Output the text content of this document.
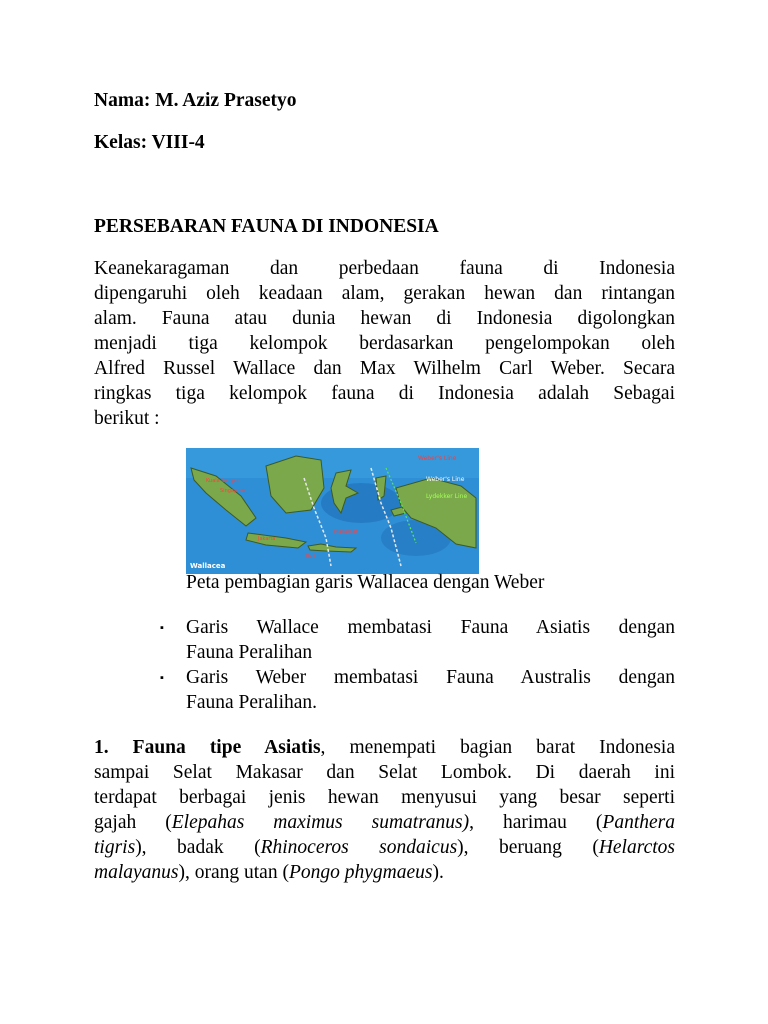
Nama: M. Aziz Prasetyo
Kelas: VIII-4
PERSEBARAN FAUNA DI INDONESIA
Keanekaragaman dan perbedaan fauna di Indonesia
dipengaruhi oleh keadaan alam, gerakan hewan dan rintangan
alam. Fauna atau dunia hewan di Indonesia digolongkan
menjadi tiga kelompok berdasarkan pengelompokan oleh
Alfred Russel Wallace dan Max Wilhelm Carl Weber. Secara
ringkas tiga kelompok fauna di Indonesia adalah Sebagai
berikut :
Weber's Line
Weber's Line
Lydekker Line
Kuala Lumpur
Singapore
Jakarta
Makassar
Bali
Wallacea
Peta pembagian garis Wallacea dengan Weber
▪ Garis Wallace membatasi Fauna Asiatis dengan
Fauna Peralihan
▪ Garis Weber membatasi Fauna Australis dengan
Fauna Peralihan.
1. Fauna tipe Asiatis, menempati bagian barat Indonesia
sampai Selat Makasar dan Selat Lombok. Di daerah ini
terdapat berbagai jenis hewan menyusui yang besar seperti
gajah (Elepahas maximus sumatranus), harimau (Panthera
tigris), badak (Rhinoceros sondaicus), beruang (Helarctos
malayanus), orang utan (Pongo phygmaeus).
